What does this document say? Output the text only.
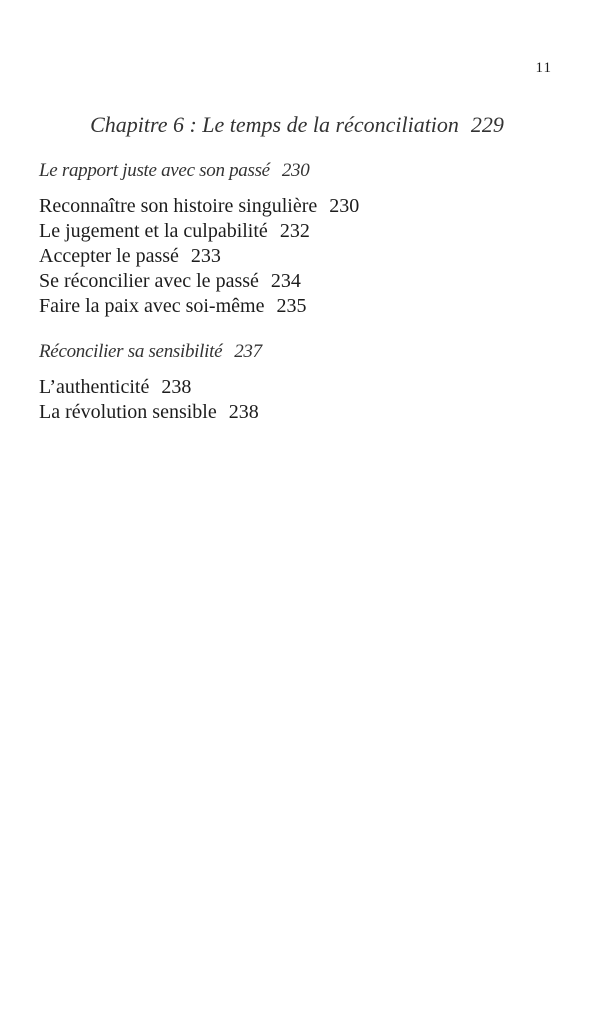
11
Chapitre 6 : Le temps de la réconciliation 229
Le rapport juste avec son passé 230
Reconnaître son histoire singulière 230
Le jugement et la culpabilité 232
Accepter le passé 233
Se réconcilier avec le passé 234
Faire la paix avec soi-même 235
Réconcilier sa sensibilité 237
L’authenticité 238
La révolution sensible 238
